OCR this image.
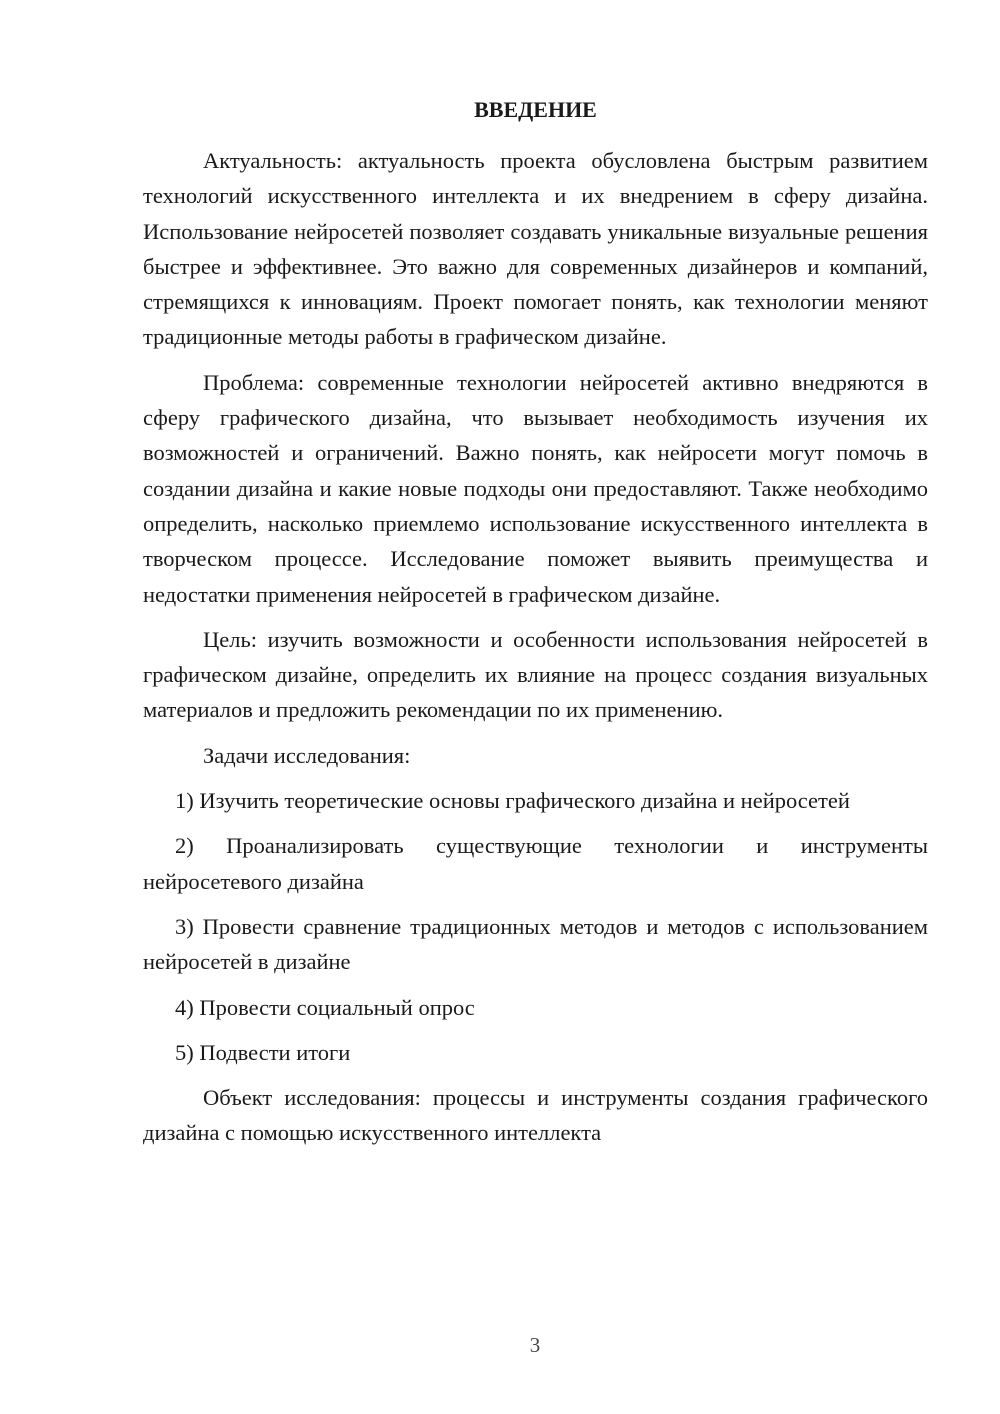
ВВЕДЕНИЕ

Актуальность: актуальность проекта обусловлена быстрым развитием технологий искусственного интеллекта и их внедрением в сферу дизайна. Использование нейросетей позволяет создавать уникальные визуальные решения быстрее и эффективнее. Это важно для современных дизайнеров и компаний, стремящихся к инновациям. Проект помогает понять, как технологии меняют традиционные методы работы в графическом дизайне.

Проблема: современные технологии нейросетей активно внедряются в сферу графического дизайна, что вызывает необходимость изучения их возможностей и ограничений. Важно понять, как нейросети могут помочь в создании дизайна и какие новые подходы они предоставляют. Также необходимо определить, насколько приемлемо использование искусственного интеллекта в творческом процессе. Исследование поможет выявить преимущества и недостатки применения нейросетей в графическом дизайне.

Цель: изучить возможности и особенности использования нейросетей в графическом дизайне, определить их влияние на процесс создания визуальных материалов и предложить рекомендации по их применению.

Задачи исследования:

1) Изучить теоретические основы графического дизайна и нейросетей

2) Проанализировать существующие технологии и инструменты нейросетевого дизайна

3) Провести сравнение традиционных методов и методов с использованием нейросетей в дизайне

4) Провести социальный опрос

5) Подвести итоги

Объект исследования: процессы и инструменты создания графического дизайна с помощью искусственного интеллекта

3
